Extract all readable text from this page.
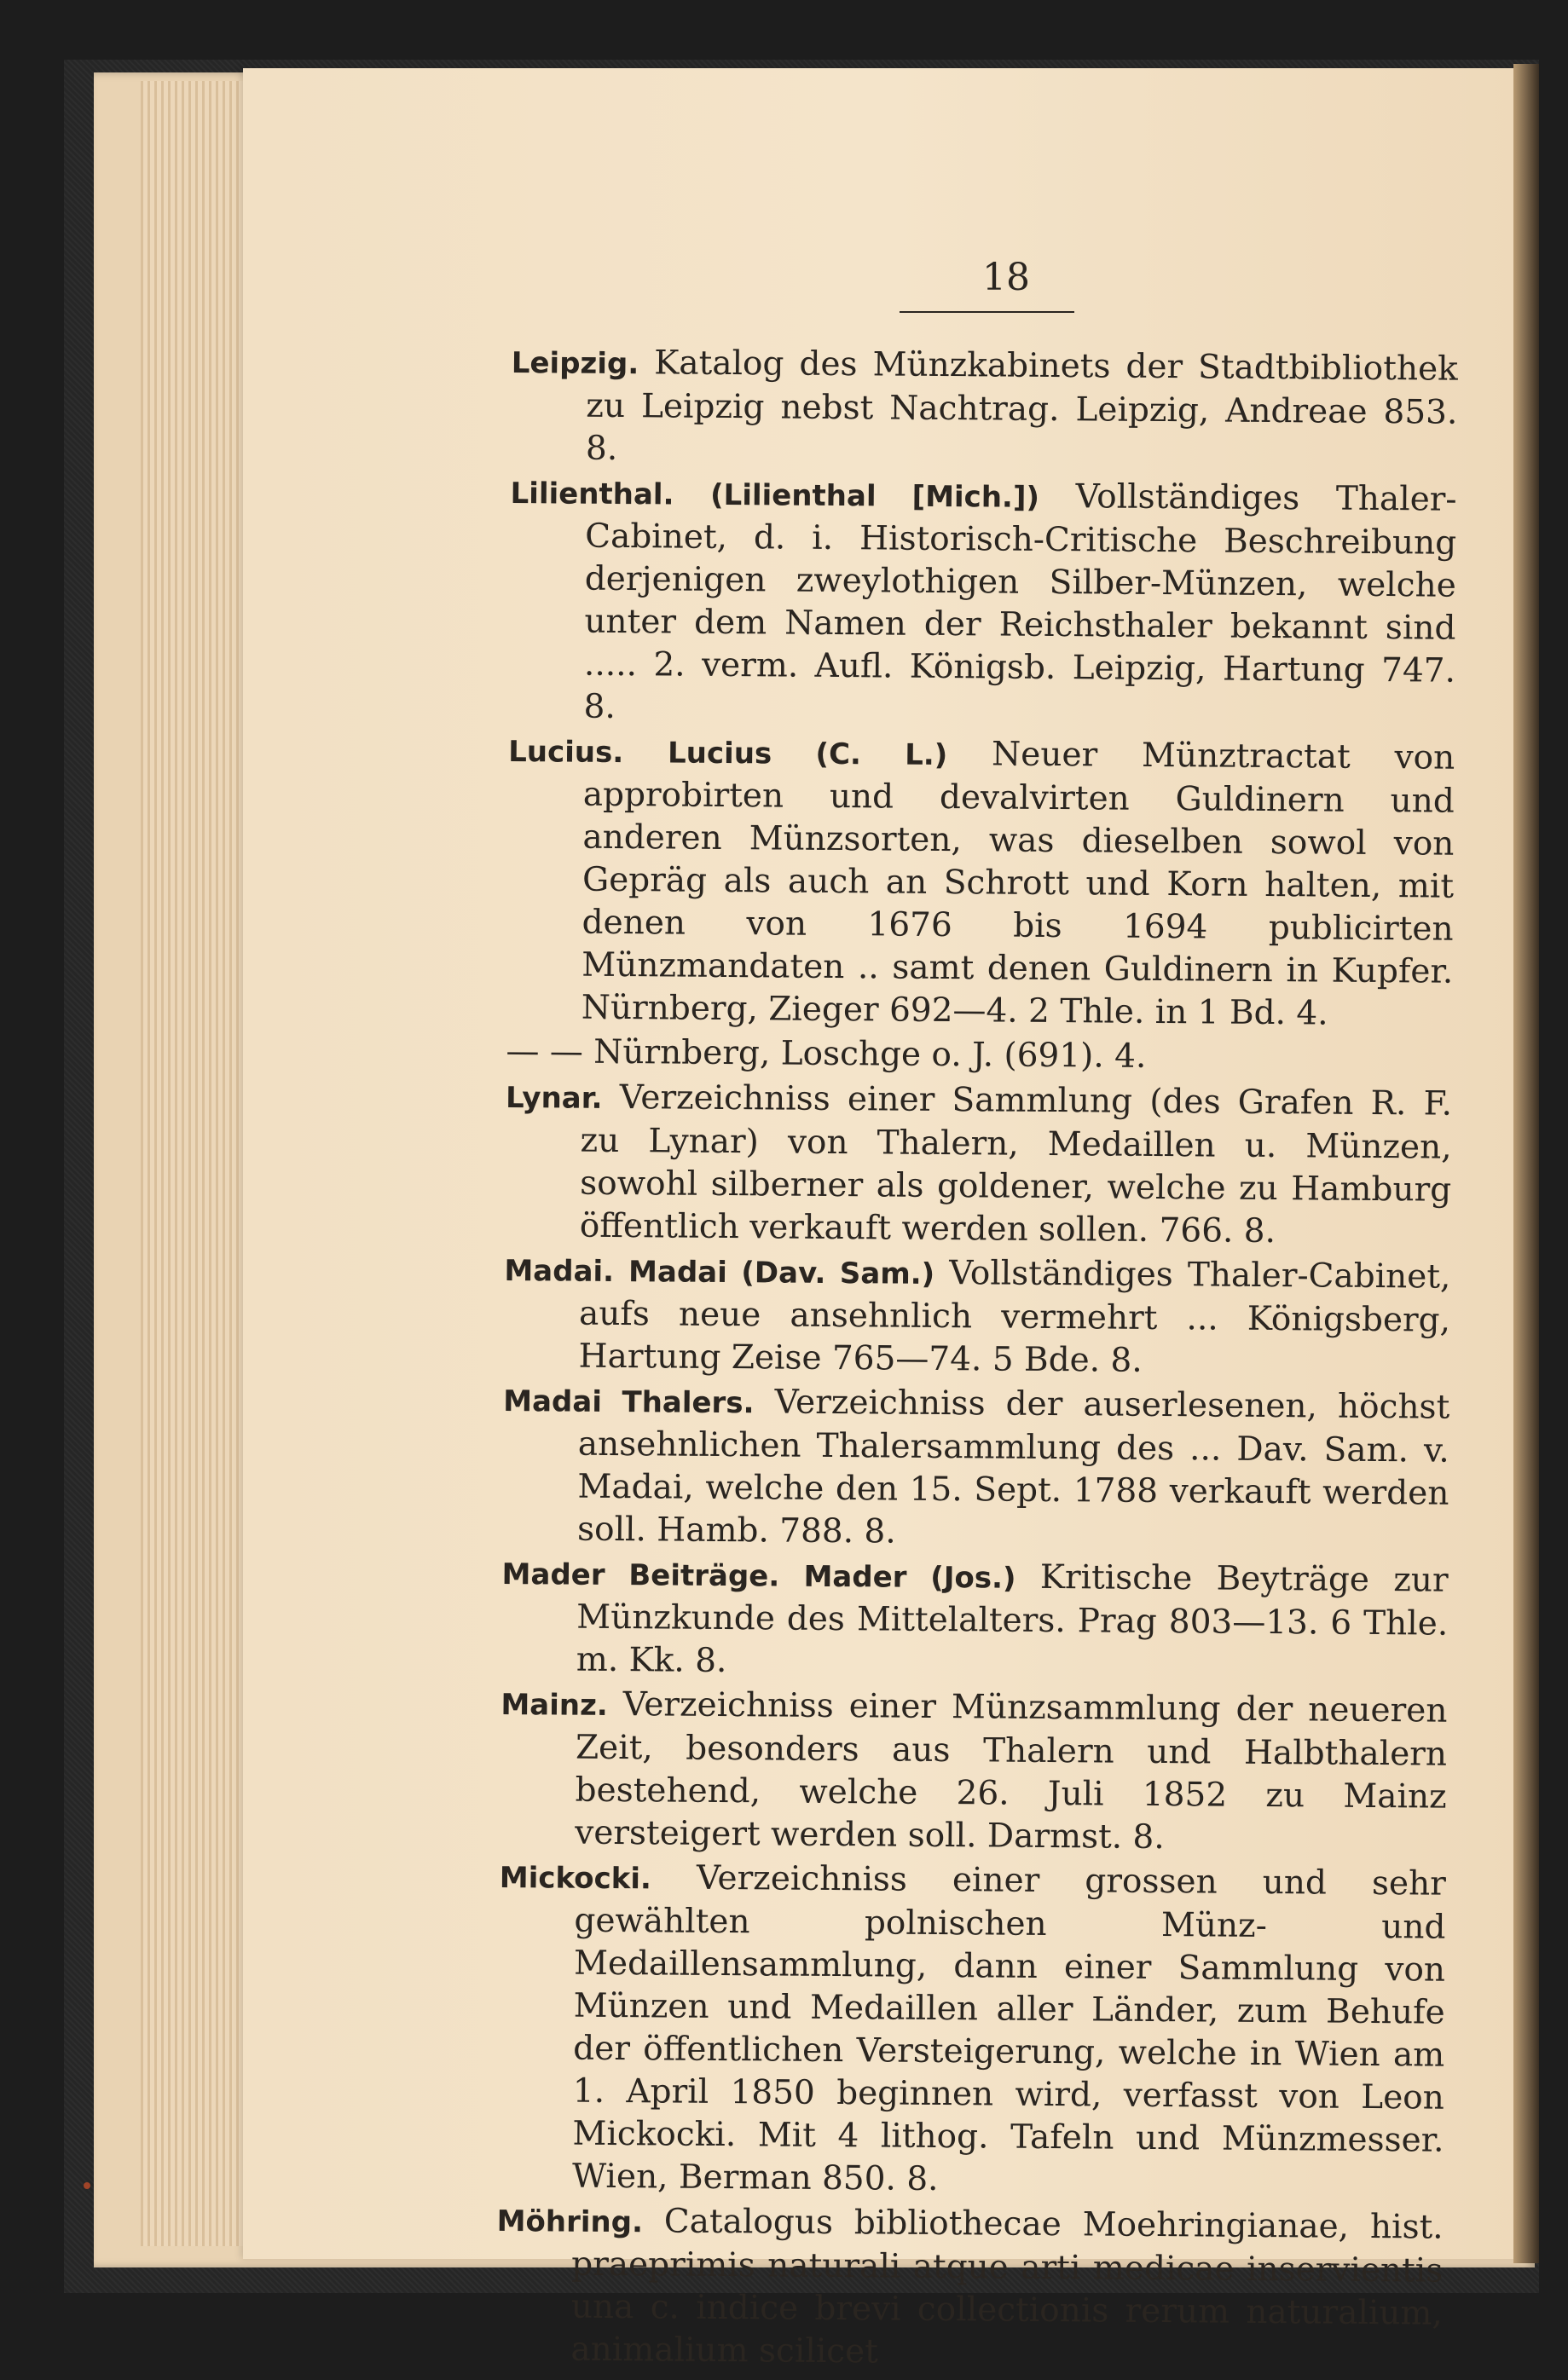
18

Leipzig. Katalog des Münzkabinets der Stadtbibliothek zu Leipzig nebst Nachtrag. Leipzig, Andreae 853. 8.

Lilienthal. (Lilienthal [Mich.]) Vollständiges Thaler-Cabinet, d. i. Historisch-Critische Beschreibung derjenigen zweylothigen Silber-Münzen, welche unter dem Namen der Reichsthaler bekannt sind ..... 2. verm. Aufl. Königsb. Leipzig, Hartung 747. 8.

Lucius. Lucius (C. L.) Neuer Münztractat von approbirten und devalvirten Guldinern und anderen Münzsorten, was dieselben sowol von Gepräg als auch an Schrott und Korn halten, mit denen von 1676 bis 1694 publicirten Münzmandaten .. samt denen Guldinern in Kupfer. Nürnberg, Zieger 692—4. 2 Thle. in 1 Bd. 4.

— — Nürnberg, Loschge o. J. (691). 4.

Lynar. Verzeichniss einer Sammlung (des Grafen R. F. zu Lynar) von Thalern, Medaillen u. Münzen, sowohl silberner als goldener, welche zu Hamburg öffentlich verkauft werden sollen. 766. 8.

Madai. Madai (Dav. Sam.) Vollständiges Thaler-Cabinet, aufs neue ansehnlich vermehrt ... Königsberg, Hartung Zeise 765—74. 5 Bde. 8.

Madai Thalers. Verzeichniss der auserlesenen, höchst ansehnlichen Thalersammlung des ... Dav. Sam. v. Madai, welche den 15. Sept. 1788 verkauft werden soll. Hamb. 788. 8.

Mader Beiträge. Mader (Jos.) Kritische Beyträge zur Münzkunde des Mittelalters. Prag 803—13. 6 Thle. m. Kk. 8.

Mainz. Verzeichniss einer Münzsammlung der neueren Zeit, besonders aus Thalern und Halbthalern bestehend, welche 26. Juli 1852 zu Mainz versteigert werden soll. Darmst. 8.

Mickocki. Verzeichniss einer grossen und sehr gewählten polnischen Münz- und Medaillensammlung, dann einer Sammlung von Münzen und Medaillen aller Länder, zum Behufe der öffentlichen Versteigerung, welche in Wien am 1. April 1850 beginnen wird, verfasst von Leon Mickocki. Mit 4 lithog. Tafeln und Münzmesser. Wien, Berman 850. 8.

Möhring. Catalogus bibliothecae Moehringianae, hist. praeprimis naturali atque arti medicae inservientis una c. indice brevi collectionis rerum naturalium, animalium scilicet
